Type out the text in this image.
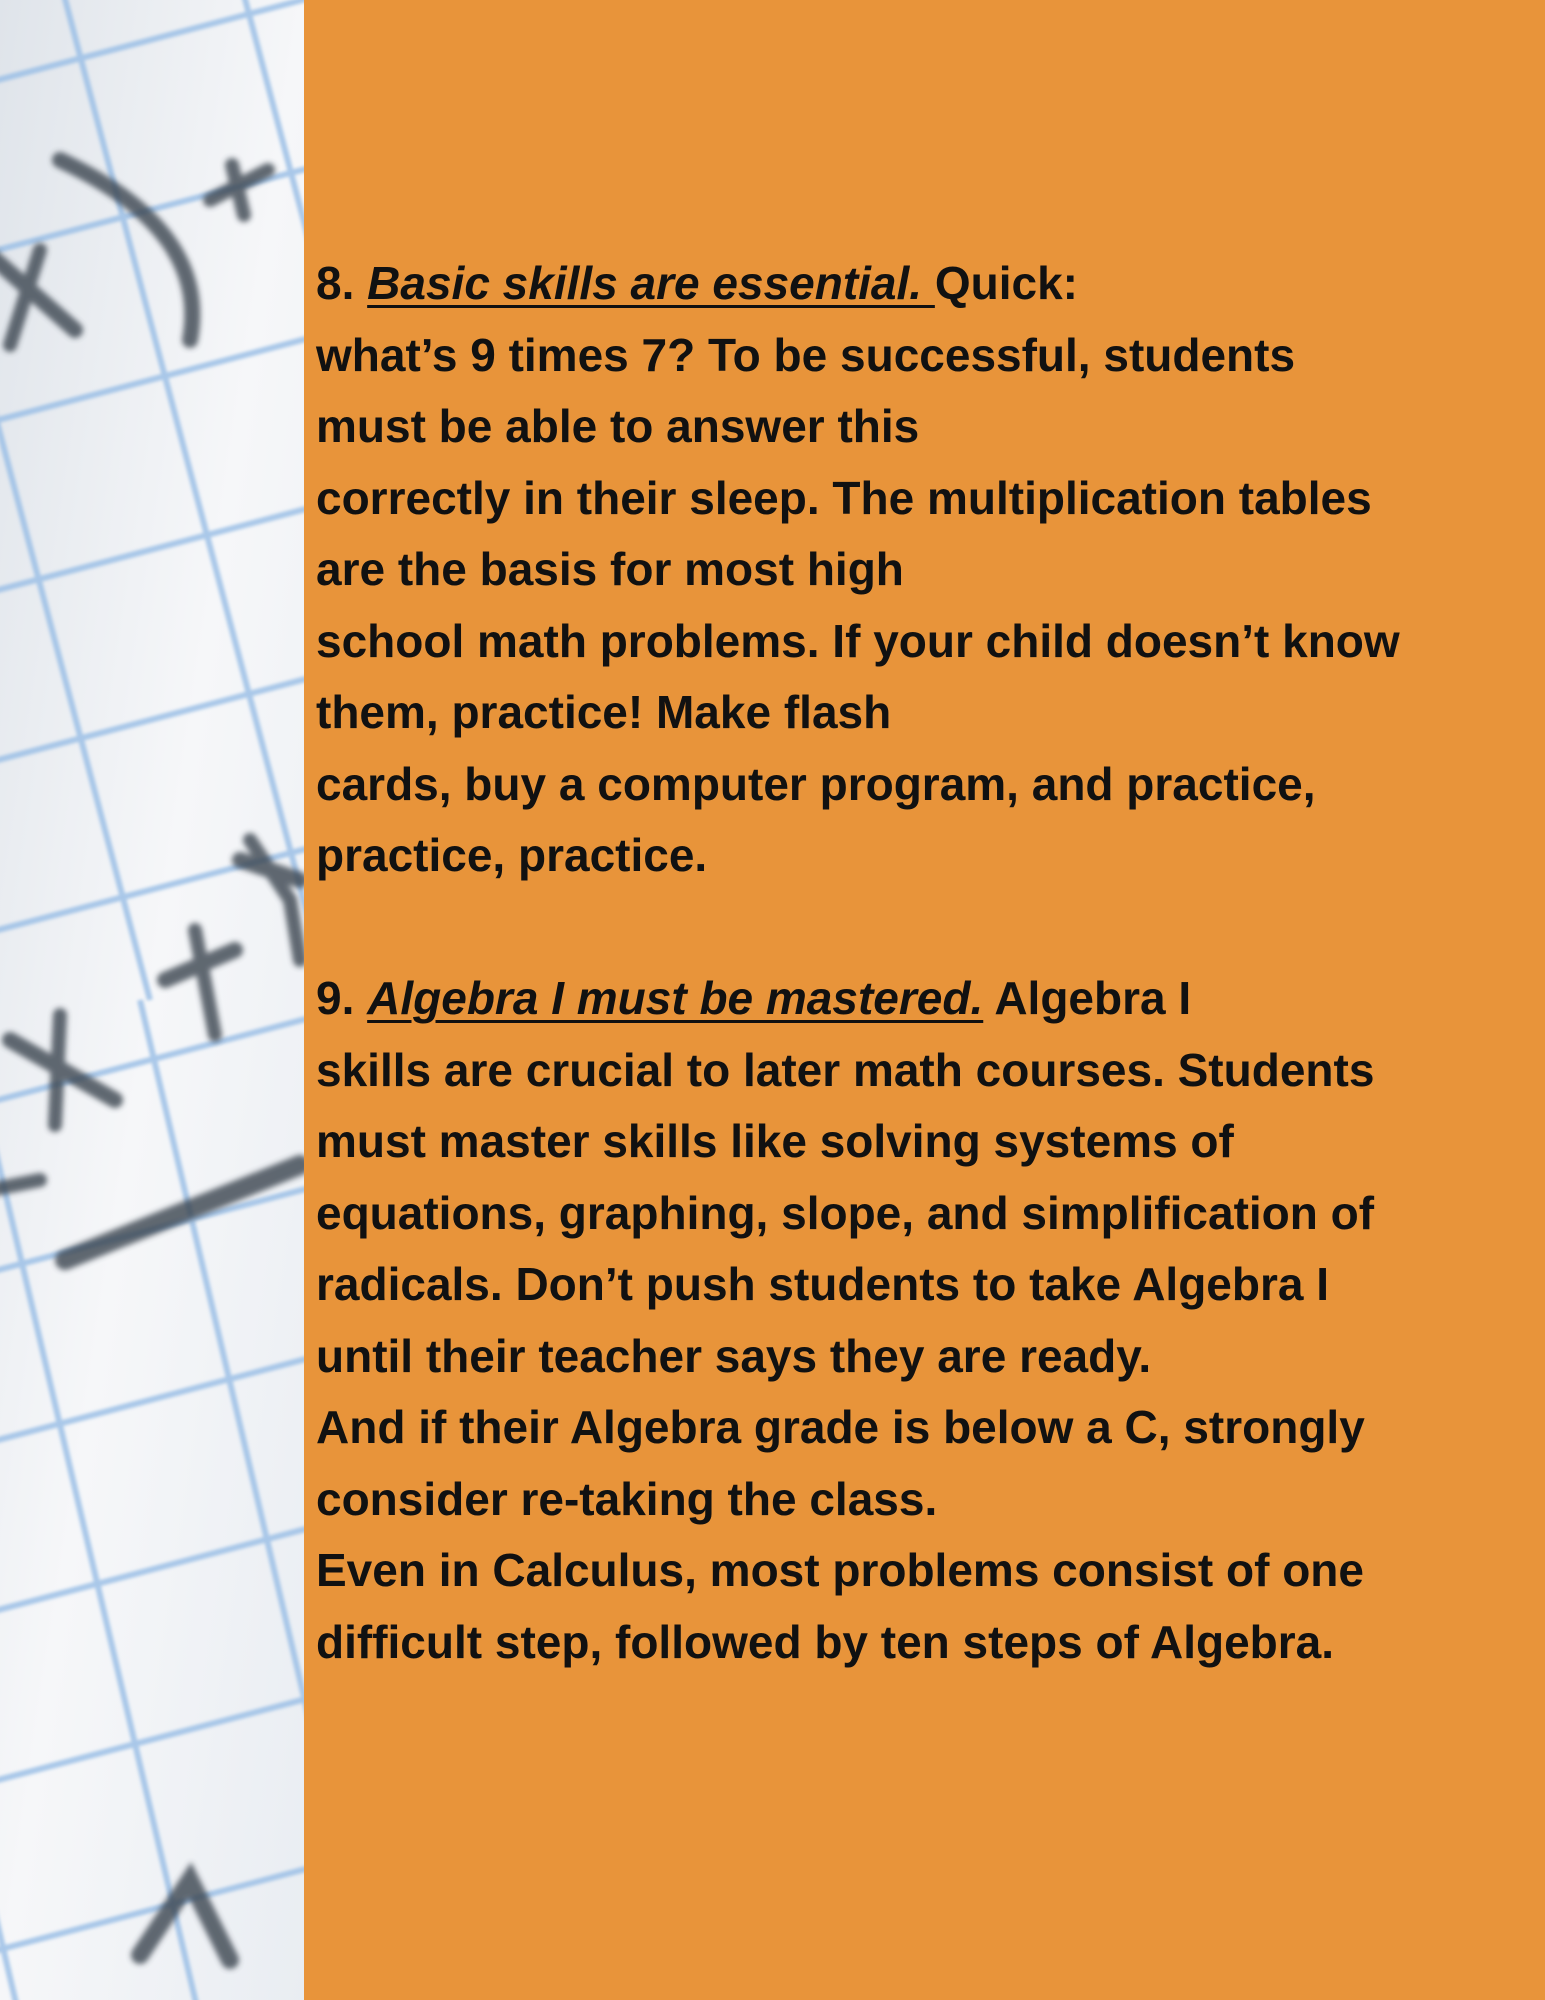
8. Basic skills are essential. Quick:
what’s 9 times 7? To be successful, students
must be able to answer this
correctly in their sleep. The multiplication tables
are the basis for most high
school math problems. If your child doesn’t know
them, practice! Make flash
cards, buy a computer program, and practice,
practice, practice.
9. Algebra I must be mastered. Algebra I
skills are crucial to later math courses. Students
must master skills like solving systems of
equations, graphing, slope, and simplification of
radicals. Don’t push students to take Algebra I
until their teacher says they are ready.
And if their Algebra grade is below a C, strongly
consider re-taking the class.
Even in Calculus, most problems consist of one
difficult step, followed by ten steps of Algebra.
